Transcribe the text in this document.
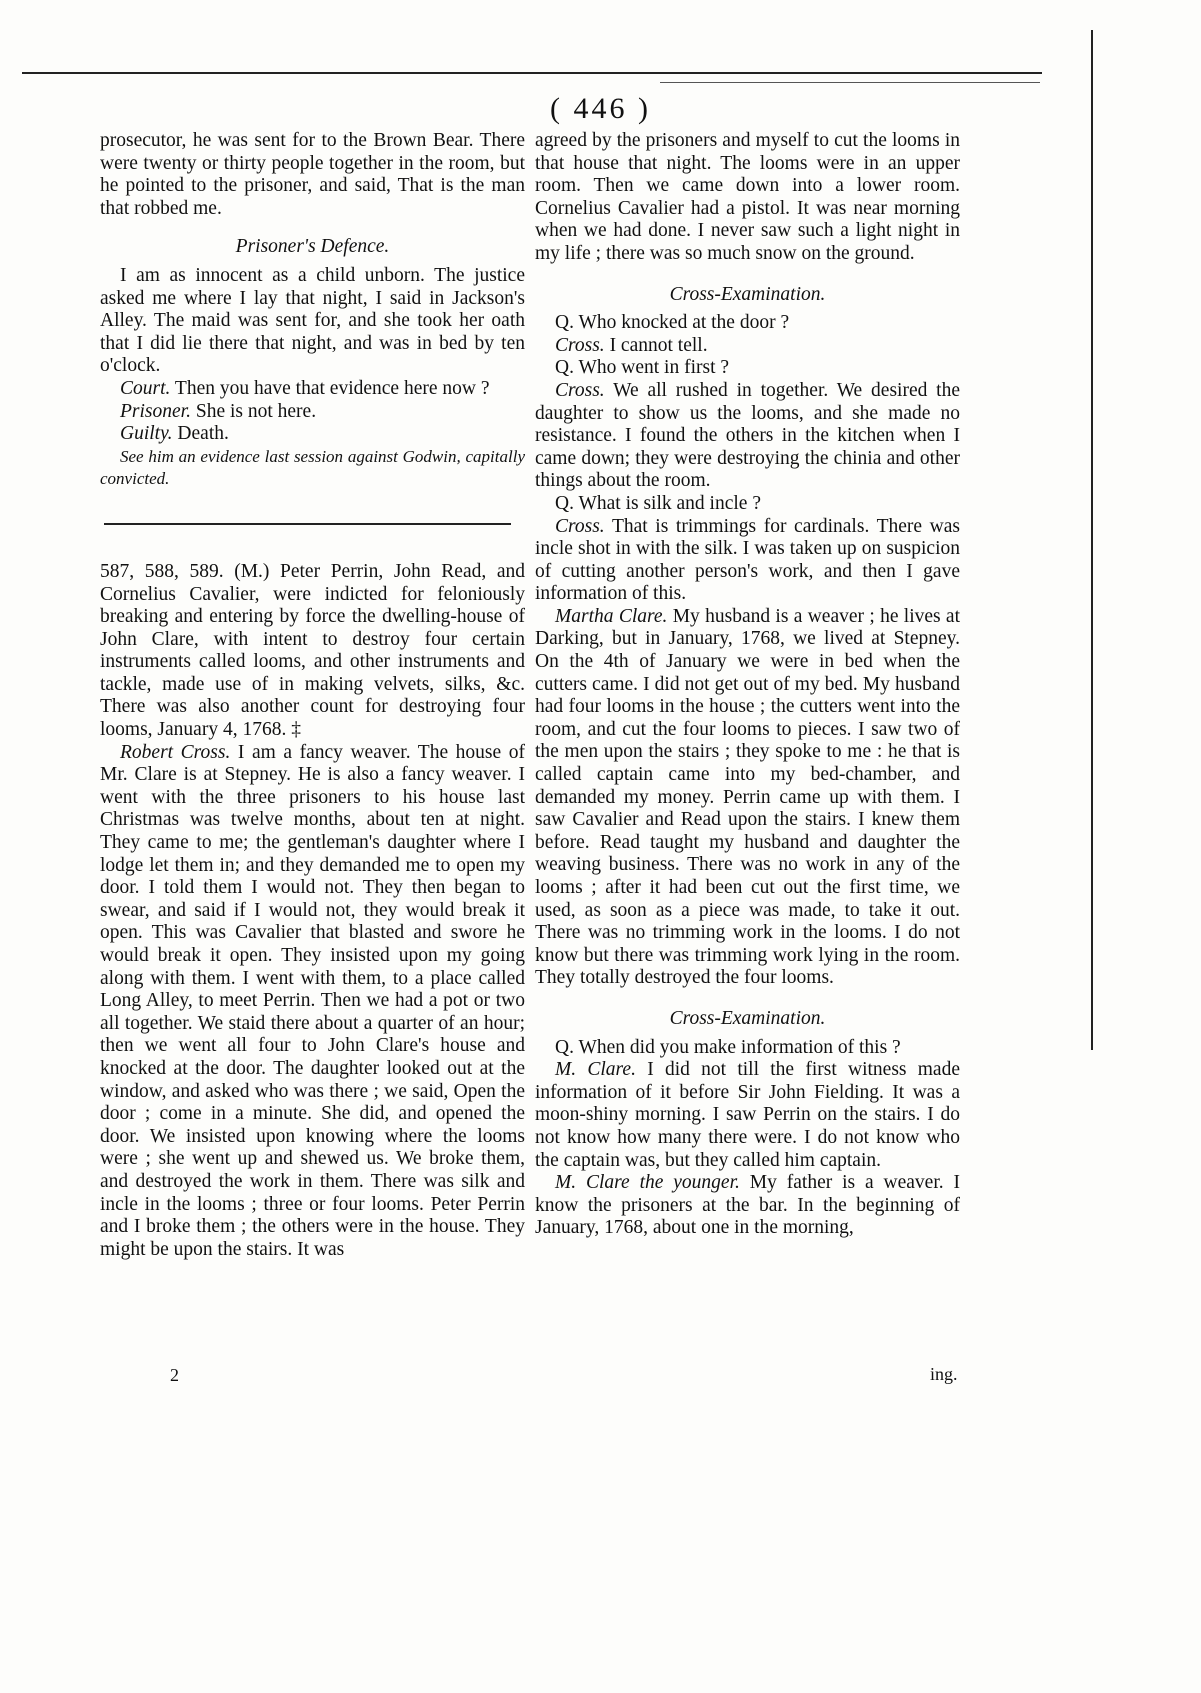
( 446 )

prosecutor, he was sent for to the Brown Bear. There were twenty or thirty people together in the room, but he pointed to the prisoner, and said, That is the man that robbed me.

Prisoner's Defence.

I am as innocent as a child unborn. The justice asked me where I lay that night, I said in Jackson's Alley. The maid was sent for, and she took her oath that I did lie there that night, and was in bed by ten o'clock.

Court. Then you have that evidence here now ?

Prisoner. She is not here.

Guilty. Death.

See him an evidence last session against Godwin, capitally convicted.

587, 588, 589. (M.) Peter Perrin, John Read, and Cornelius Cavalier, were indicted for feloniously breaking and entering by force the dwelling-house of John Clare, with intent to destroy four certain instruments called looms, and other instruments and tackle, made use of in making velvets, silks, &c. There was also another count for destroying four looms, January 4, 1768. ‡

Robert Cross. I am a fancy weaver. The house of Mr. Clare is at Stepney. He is also a fancy weaver. I went with the three prisoners to his house last Christmas was twelve months, about ten at night. They came to me; the gentleman's daughter where I lodge let them in; and they demanded me to open my door. I told them I would not. They then began to swear, and said if I would not, they would break it open. This was Cavalier that blasted and swore he would break it open. They insisted upon my going along with them. I went with them, to a place called Long Alley, to meet Perrin. Then we had a pot or two all together. We staid there about a quarter of an hour; then we went all four to John Clare's house and knocked at the door. The daughter looked out at the window, and asked who was there ; we said, Open the door ; come in a minute. She did, and opened the door. We insisted upon knowing where the looms were ; she went up and shewed us. We broke them, and destroyed the work in them. There was silk and incle in the looms ; three or four looms. Peter Perrin and I broke them ; the others were in the house. They might be upon the stairs. It was

agreed by the prisoners and myself to cut the looms in that house that night. The looms were in an upper room. Then we came down into a lower room. Cornelius Cavalier had a pistol. It was near morning when we had done. I never saw such a light night in my life ; there was so much snow on the ground.

Cross-Examination.

Q. Who knocked at the door ?

Cross. I cannot tell.

Q. Who went in first ?

Cross. We all rushed in together. We desired the daughter to show us the looms, and she made no resistance. I found the others in the kitchen when I came down; they were destroying the chinia and other things about the room.

Q. What is silk and incle ?

Cross. That is trimmings for cardinals. There was incle shot in with the silk. I was taken up on suspicion of cutting another person's work, and then I gave information of this.

Martha Clare. My husband is a weaver ; he lives at Darking, but in January, 1768, we lived at Stepney. On the 4th of January we were in bed when the cutters came. I did not get out of my bed. My husband had four looms in the house ; the cutters went into the room, and cut the four looms to pieces. I saw two of the men upon the stairs ; they spoke to me : he that is called captain came into my bed-chamber, and demanded my money. Perrin came up with them. I saw Cavalier and Read upon the stairs. I knew them before. Read taught my husband and daughter the weaving business. There was no work in any of the looms ; after it had been cut out the first time, we used, as soon as a piece was made, to take it out. There was no trimming work in the looms. I do not know but there was trimming work lying in the room. They totally destroyed the four looms.

Cross-Examination.

Q. When did you make information of this ?

M. Clare. I did not till the first witness made information of it before Sir John Fielding. It was a moon-shiny morning. I saw Perrin on the stairs. I do not know how many there were. I do not know who the captain was, but they called him captain.

M. Clare the younger. My father is a weaver. I know the prisoners at the bar. In the beginning of January, 1768, about one in the morning,

2	ing.
